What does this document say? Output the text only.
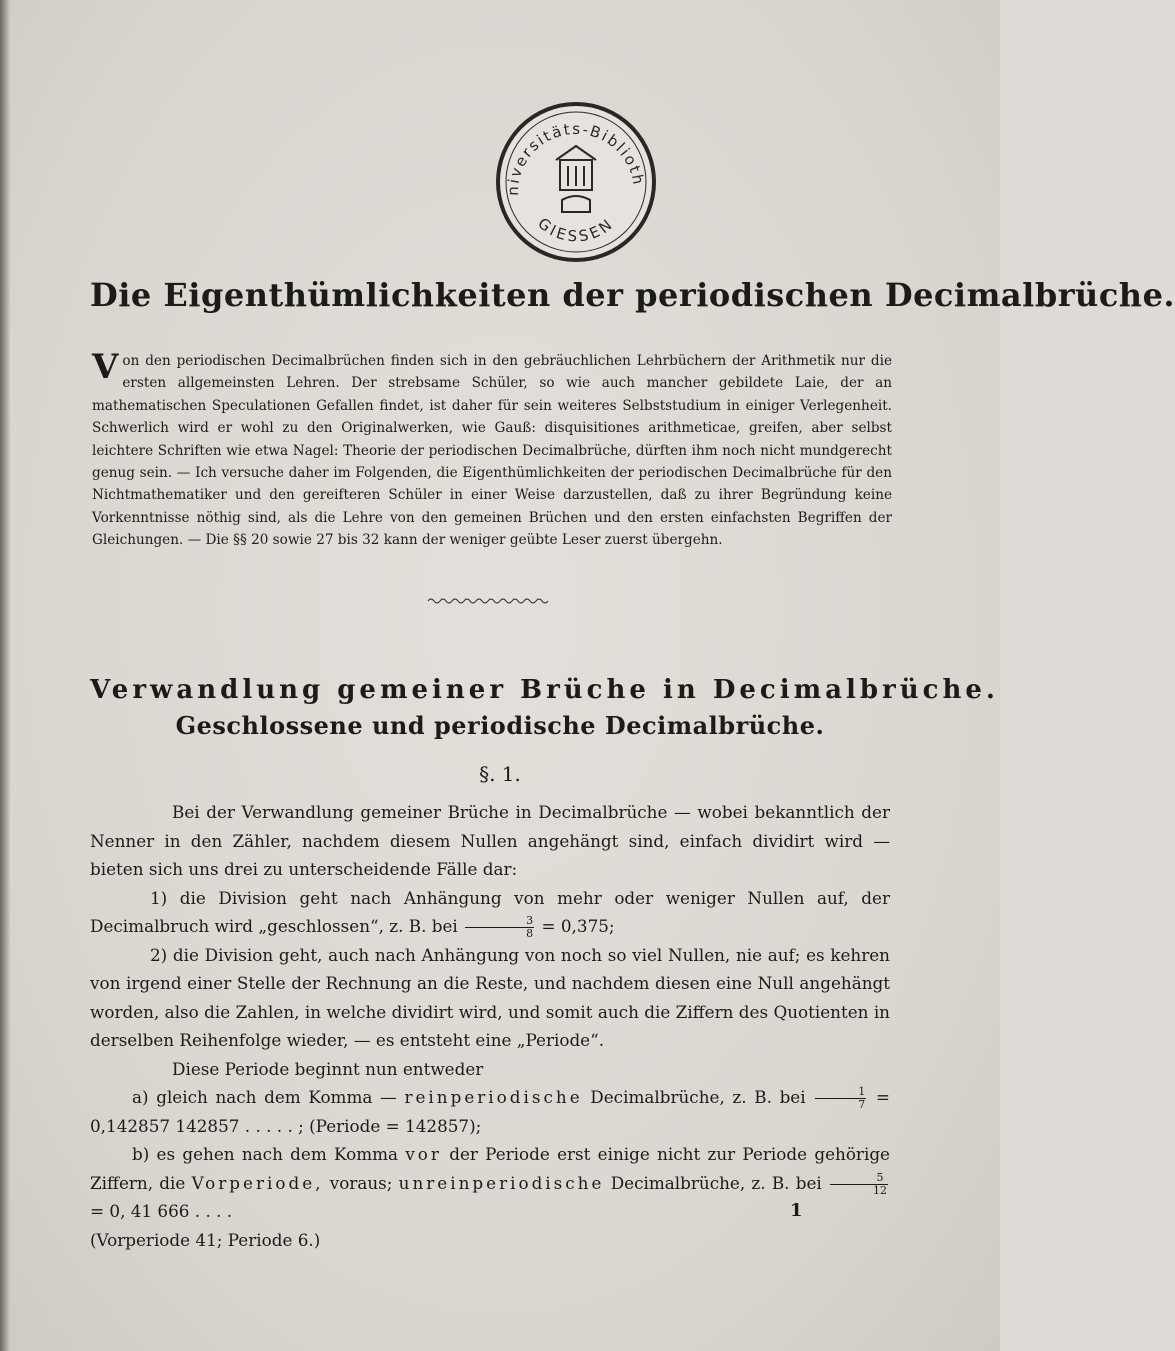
niversitäts-Biblioth
GIESSEN
Die Eigenthümlichkeiten der periodischen Decimalbrüche.

V on den periodischen Decimalbrüchen finden sich in den gebräuchlichen Lehrbüchern der Arithmetik nur die ersten allgemeinsten Lehren. Der strebsame Schüler, so wie auch mancher gebildete Laie, der an mathematischen Speculationen Gefallen findet, ist daher für sein weiteres Selbststudium in einiger Verlegenheit. Schwerlich wird er wohl zu den Originalwerken, wie Gauß: disquisitiones arithmeticae, greifen, aber selbst leichtere Schriften wie etwa Nagel: Theorie der periodischen Decimalbrüche, dürften ihm noch nicht mundgerecht genug sein. — Ich versuche daher im Folgenden, die Eigenthümlichkeiten der periodischen Decimalbrüche für den Nichtmathematiker und den gereifteren Schüler in einer Weise darzustellen, daß zu ihrer Begründung keine Vorkenntnisse nöthig sind, als die Lehre von den gemeinen Brüchen und den ersten einfachsten Begriffen der Gleichungen. — Die §§ 20 sowie 27 bis 32 kann der weniger geübte Leser zuerst übergehn.

Verwandlung gemeiner Brüche in Decimalbrüche.
Geschlossene und periodische Decimalbrüche.
§. 1.

Bei der Verwandlung gemeiner Brüche in Decimalbrüche — wobei bekanntlich der Nenner in den Zähler, nachdem diesem Nullen angehängt sind, einfach dividirt wird — bieten sich uns drei zu unterscheidende Fälle dar:

1) die Division geht nach Anhängung von mehr oder weniger Nullen auf, der Decimalbruch wird „geschlossen“, z. B. bei $\frac{3}{8} = 0,375$;

2) die Division geht, auch nach Anhängung von noch so viel Nullen, nie auf; es kehren von irgend einer Stelle der Rechnung an die Reste, und nachdem diesen eine Null angehängt worden, also die Zahlen, in welche dividirt wird, und somit auch die Ziffern des Quotienten in derselben Reihenfolge wieder, — es entsteht eine „Periode“.

Diese Periode beginnt nun entweder

a) gleich nach dem Komma — reinperiodische Decimalbrüche, z. B. bei $\frac{1}{7} = 0,142857$ 142857 . . . . . ; (Periode = 142857);

b) es gehen nach dem Komma vor der Periode erst einige nicht zur Periode gehörige Ziffern, die Vorperiode, voraus; unreinperiodische Decimalbrüche, z. B. bei $\frac{5}{12}$
= 0, 41 666 . . . .

(Vorperiode 41; Periode 6.)

1
